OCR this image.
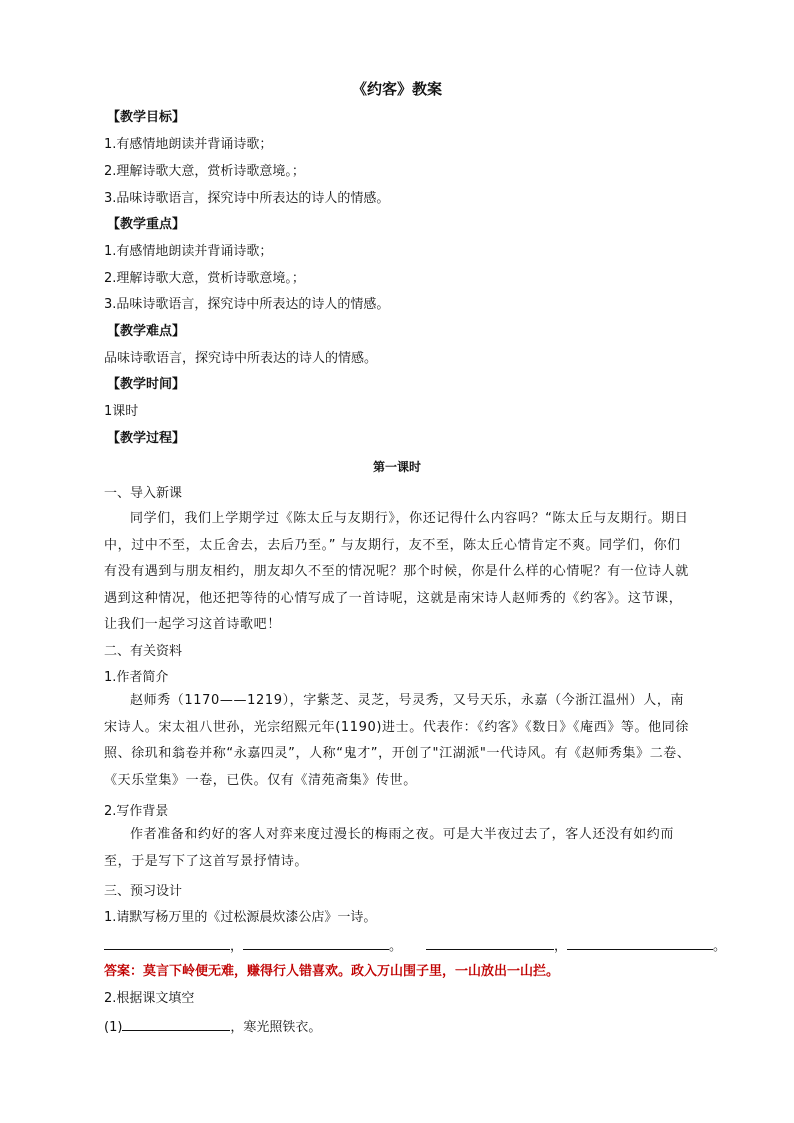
《约客》教案
【教学目标】
1.有感情地朗读并背诵诗歌；
2.理解诗歌大意，赏析诗歌意境。；
3.品味诗歌语言，探究诗中所表达的诗人的情感。
【教学重点】
1.有感情地朗读并背诵诗歌；
2.理解诗歌大意，赏析诗歌意境。；
3.品味诗歌语言，探究诗中所表达的诗人的情感。
【教学难点】
品味诗歌语言，探究诗中所表达的诗人的情感。
【教学时间】
1课时
【教学过程】
第一课时
一、导入新课
同学们，我们上学期学过《陈太丘与友期行》，你还记得什么内容吗？“陈太丘与友期行。期日中，过中不至，太丘舍去，去后乃至。” 与友期行，友不至，陈太丘心情肯定不爽。同学们，你们有没有遇到与朋友相约，朋友却久不至的情况呢？那个时候，你是什么样的心情呢？有一位诗人就遇到这种情况，他还把等待的心情写成了一首诗呢，这就是南宋诗人赵师秀的《约客》。这节课，让我们一起学习这首诗歌吧！
二、有关资料
1.作者简介
赵师秀（1170——1219），字紫芝、灵芝，号灵秀，又号天乐，永嘉（今浙江温州）人，南宋诗人。宋太祖八世孙，光宗绍熙元年(1190)进士。代表作：《约客》《数日》《庵西》等。他同徐照、徐玑和翁卷并称“永嘉四灵”，人称“鬼才”，开创了"江湖派"一代诗风。有《赵师秀集》二卷、《天乐堂集》一卷，已佚。仅有《清苑斋集》传世。
2.写作背景
作者准备和约好的客人对弈来度过漫长的梅雨之夜。可是大半夜过去了，客人还没有如约而至，于是写下了这首写景抒情诗。
三、预习设计
1.请默写杨万里的《过松源晨炊漆公店》一诗。
，	。	，	。
答案：莫言下岭便无难，赚得行人错喜欢。政入万山围子里，一山放出一山拦。
2.根据课文填空
(1)	，寒光照铁衣。
